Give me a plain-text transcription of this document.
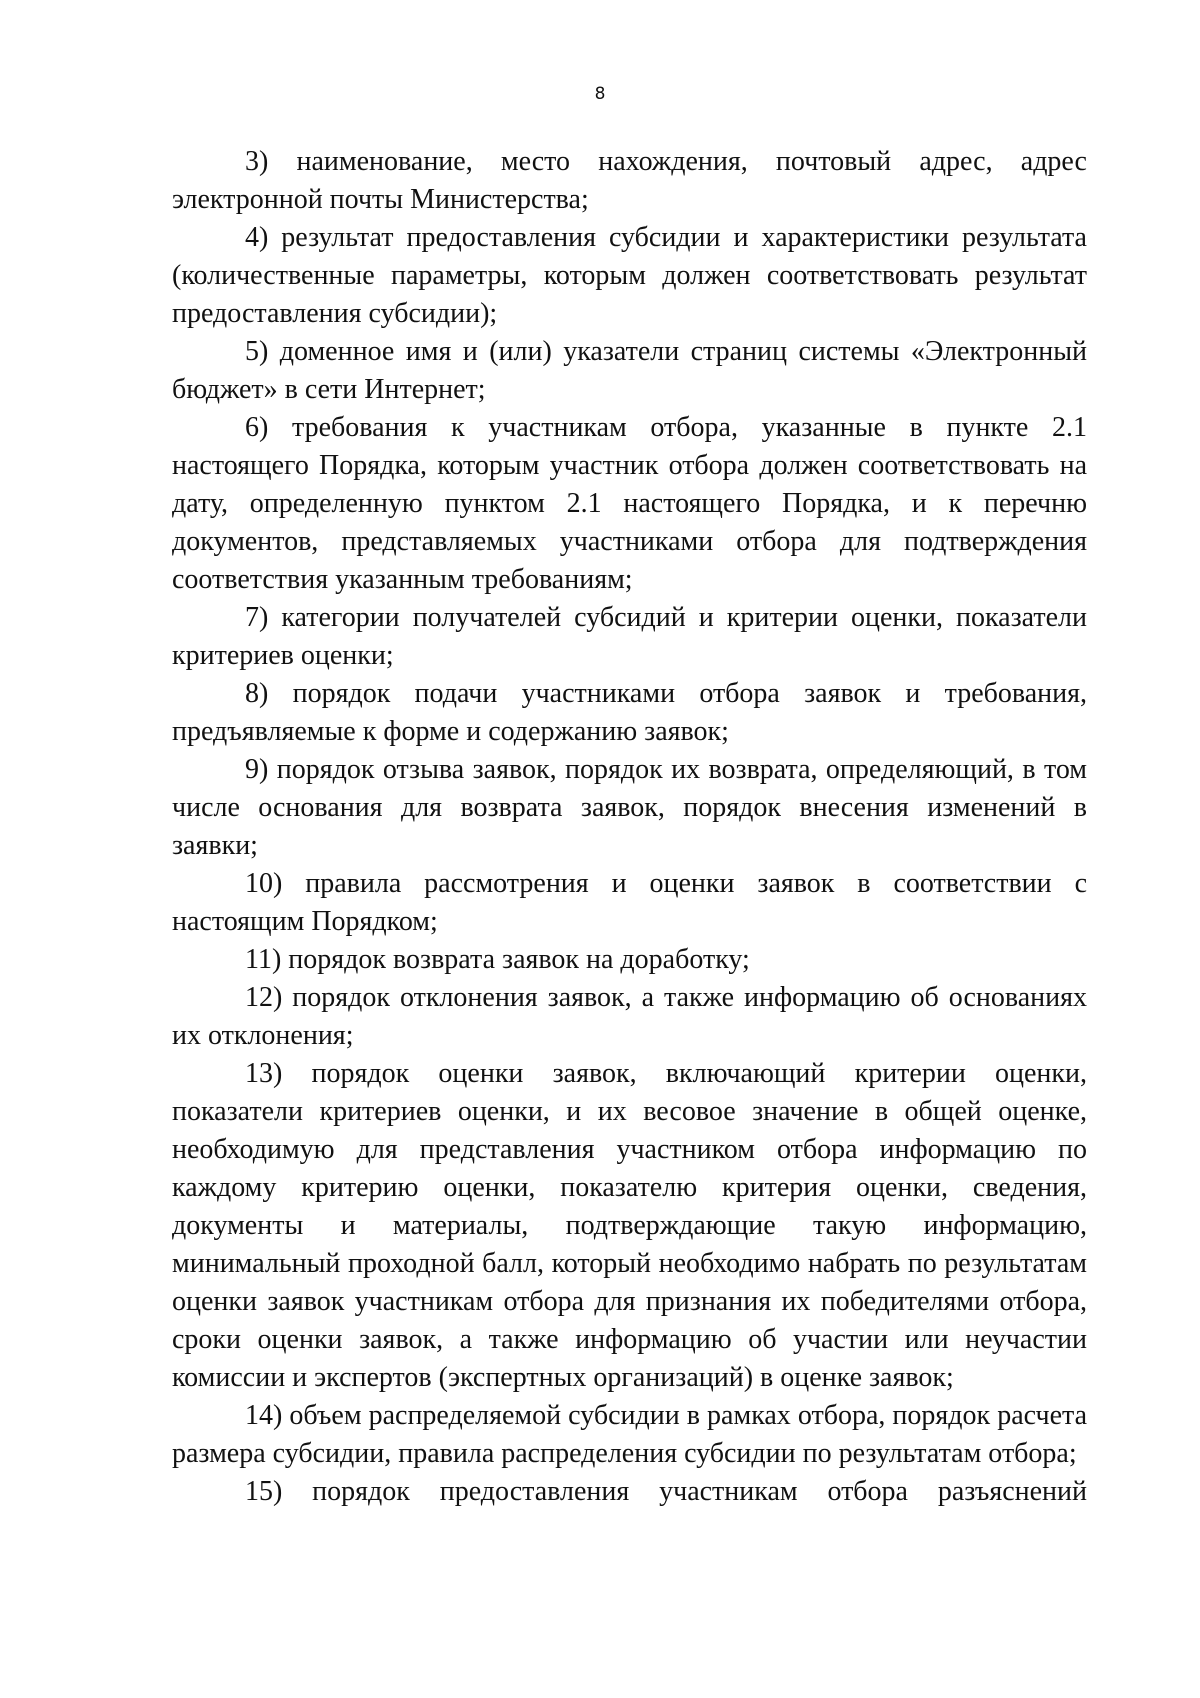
8

3) наименование, место нахождения, почтовый адрес, адрес электронной почты Министерства;

4) результат предоставления субсидии и характеристики результата (количественные параметры, которым должен соответствовать результат предоставления субсидии);

5) доменное имя и (или) указатели страниц системы «Электронный бюджет» в сети Интернет;

6) требования к участникам отбора, указанные в пункте 2.1 настоящего Порядка, которым участник отбора должен соответствовать на дату, определенную пунктом 2.1 настоящего Порядка, и к перечню документов, представляемых участниками отбора для подтверждения соответствия указанным требованиям;

7) категории получателей субсидий и критерии оценки, показатели критериев оценки;

8) порядок подачи участниками отбора заявок и требования, предъявляемые к форме и содержанию заявок;

9) порядок отзыва заявок, порядок их возврата, определяющий, в том числе основания для возврата заявок, порядок внесения изменений в заявки;

10) правила рассмотрения и оценки заявок в соответствии с настоящим Порядком;

11) порядок возврата заявок на доработку;

12) порядок отклонения заявок, а также информацию об основаниях их отклонения;

13) порядок оценки заявок, включающий критерии оценки, показатели критериев оценки, и их весовое значение в общей оценке, необходимую для представления участником отбора информацию по каждому критерию оценки, показателю критерия оценки, сведения, документы и материалы, подтверждающие такую информацию, минимальный проходной балл, который необходимо набрать по результатам оценки заявок участникам отбора для признания их победителями отбора, сроки оценки заявок, а также информацию об участии или неучастии комиссии и экспертов (экспертных организаций) в оценке заявок;

14) объем распределяемой субсидии в рамках отбора, порядок расчета размера субсидии, правила распределения субсидии по результатам отбора;

15) порядок предоставления участникам отбора разъяснений
